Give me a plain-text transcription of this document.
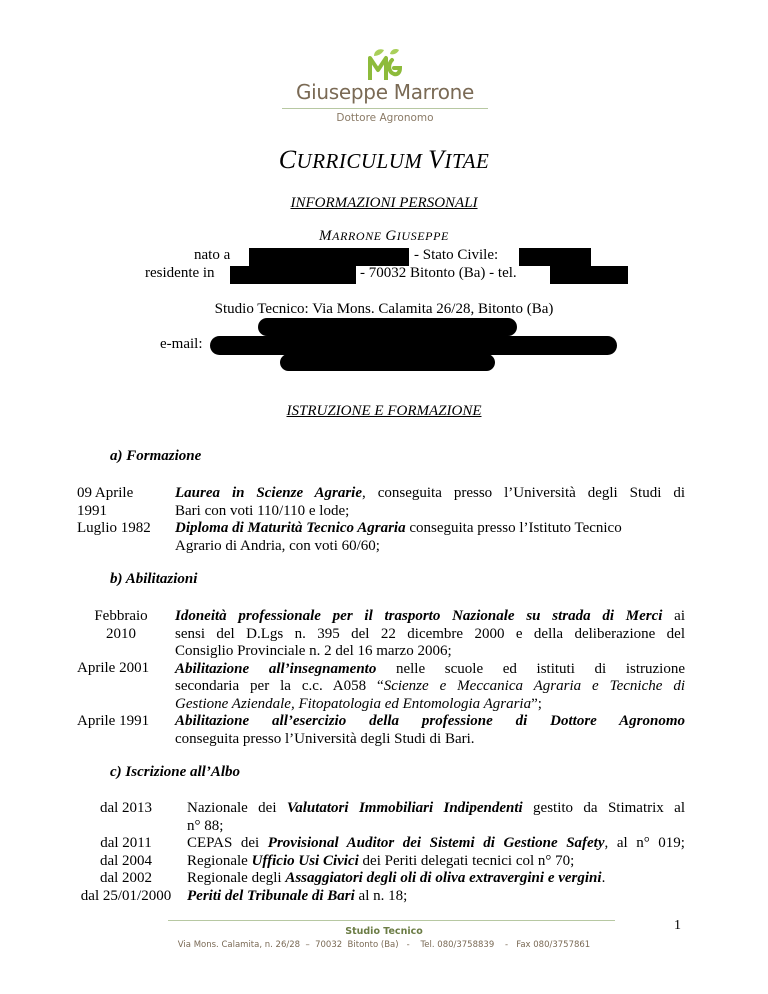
Giuseppe Marrone
Dottore Agronomo
CURRICULUM VITAE
INFORMAZIONI PERSONALI
MARRONE GIUSEPPE
nato a	- Stato Civile:
residente in	- 70032 Bitonto (Ba) - tel.
Studio Tecnico: Via Mons. Calamita 26/28, Bitonto (Ba)
e-mail:
ISTRUZIONE E FORMAZIONE
a) Formazione
09 Aprile
1991
Luglio 1982
Laurea in Scienze Agrarie, conseguita presso l’Università degli Studi di
Bari con voti 110/110 e lode;
Diploma di Maturità Tecnico Agraria conseguita presso l’Istituto Tecnico
Agrario di Andria, con voti 60/60;
b) Abilitazioni
Febbraio
2010
Aprile 2001
Aprile 1991
Idoneità professionale per il trasporto Nazionale su strada di Merci ai
sensi del D.Lgs n. 395 del 22 dicembre 2000 e della deliberazione del
Consiglio Provinciale n. 2 del 16 marzo 2006;
Abilitazione all’insegnamento nelle scuole ed istituti di istruzione
secondaria per la c.c. A058 “Scienze e Meccanica Agraria e Tecniche di
Gestione Aziendale, Fitopatologia ed Entomologia Agraria”;
Abilitazione all’esercizio della professione di Dottore Agronomo
conseguita presso l’Università degli Studi di Bari.
c) Iscrizione all’Albo
dal 2013

dal 2011
dal 2004
dal 2002
dal 25/01/2000
Nazionale dei Valutatori Immobiliari Indipendenti gestito da Stimatrix al
n° 88;
CEPAS dei Provisional Auditor dei Sistemi di Gestione Safety, al n° 019;
Regionale Ufficio Usi Civici dei Periti delegati tecnici col n° 70;
Regionale degli Assaggiatori degli oli di oliva extravergini e vergini.
Periti del Tribunale di Bari al n. 18;
1
Studio Tecnico
Via Mons. Calamita, n. 26/28  –  70032  Bitonto (Ba)   -    Tel. 080/3758839    -   Fax 080/3757861
